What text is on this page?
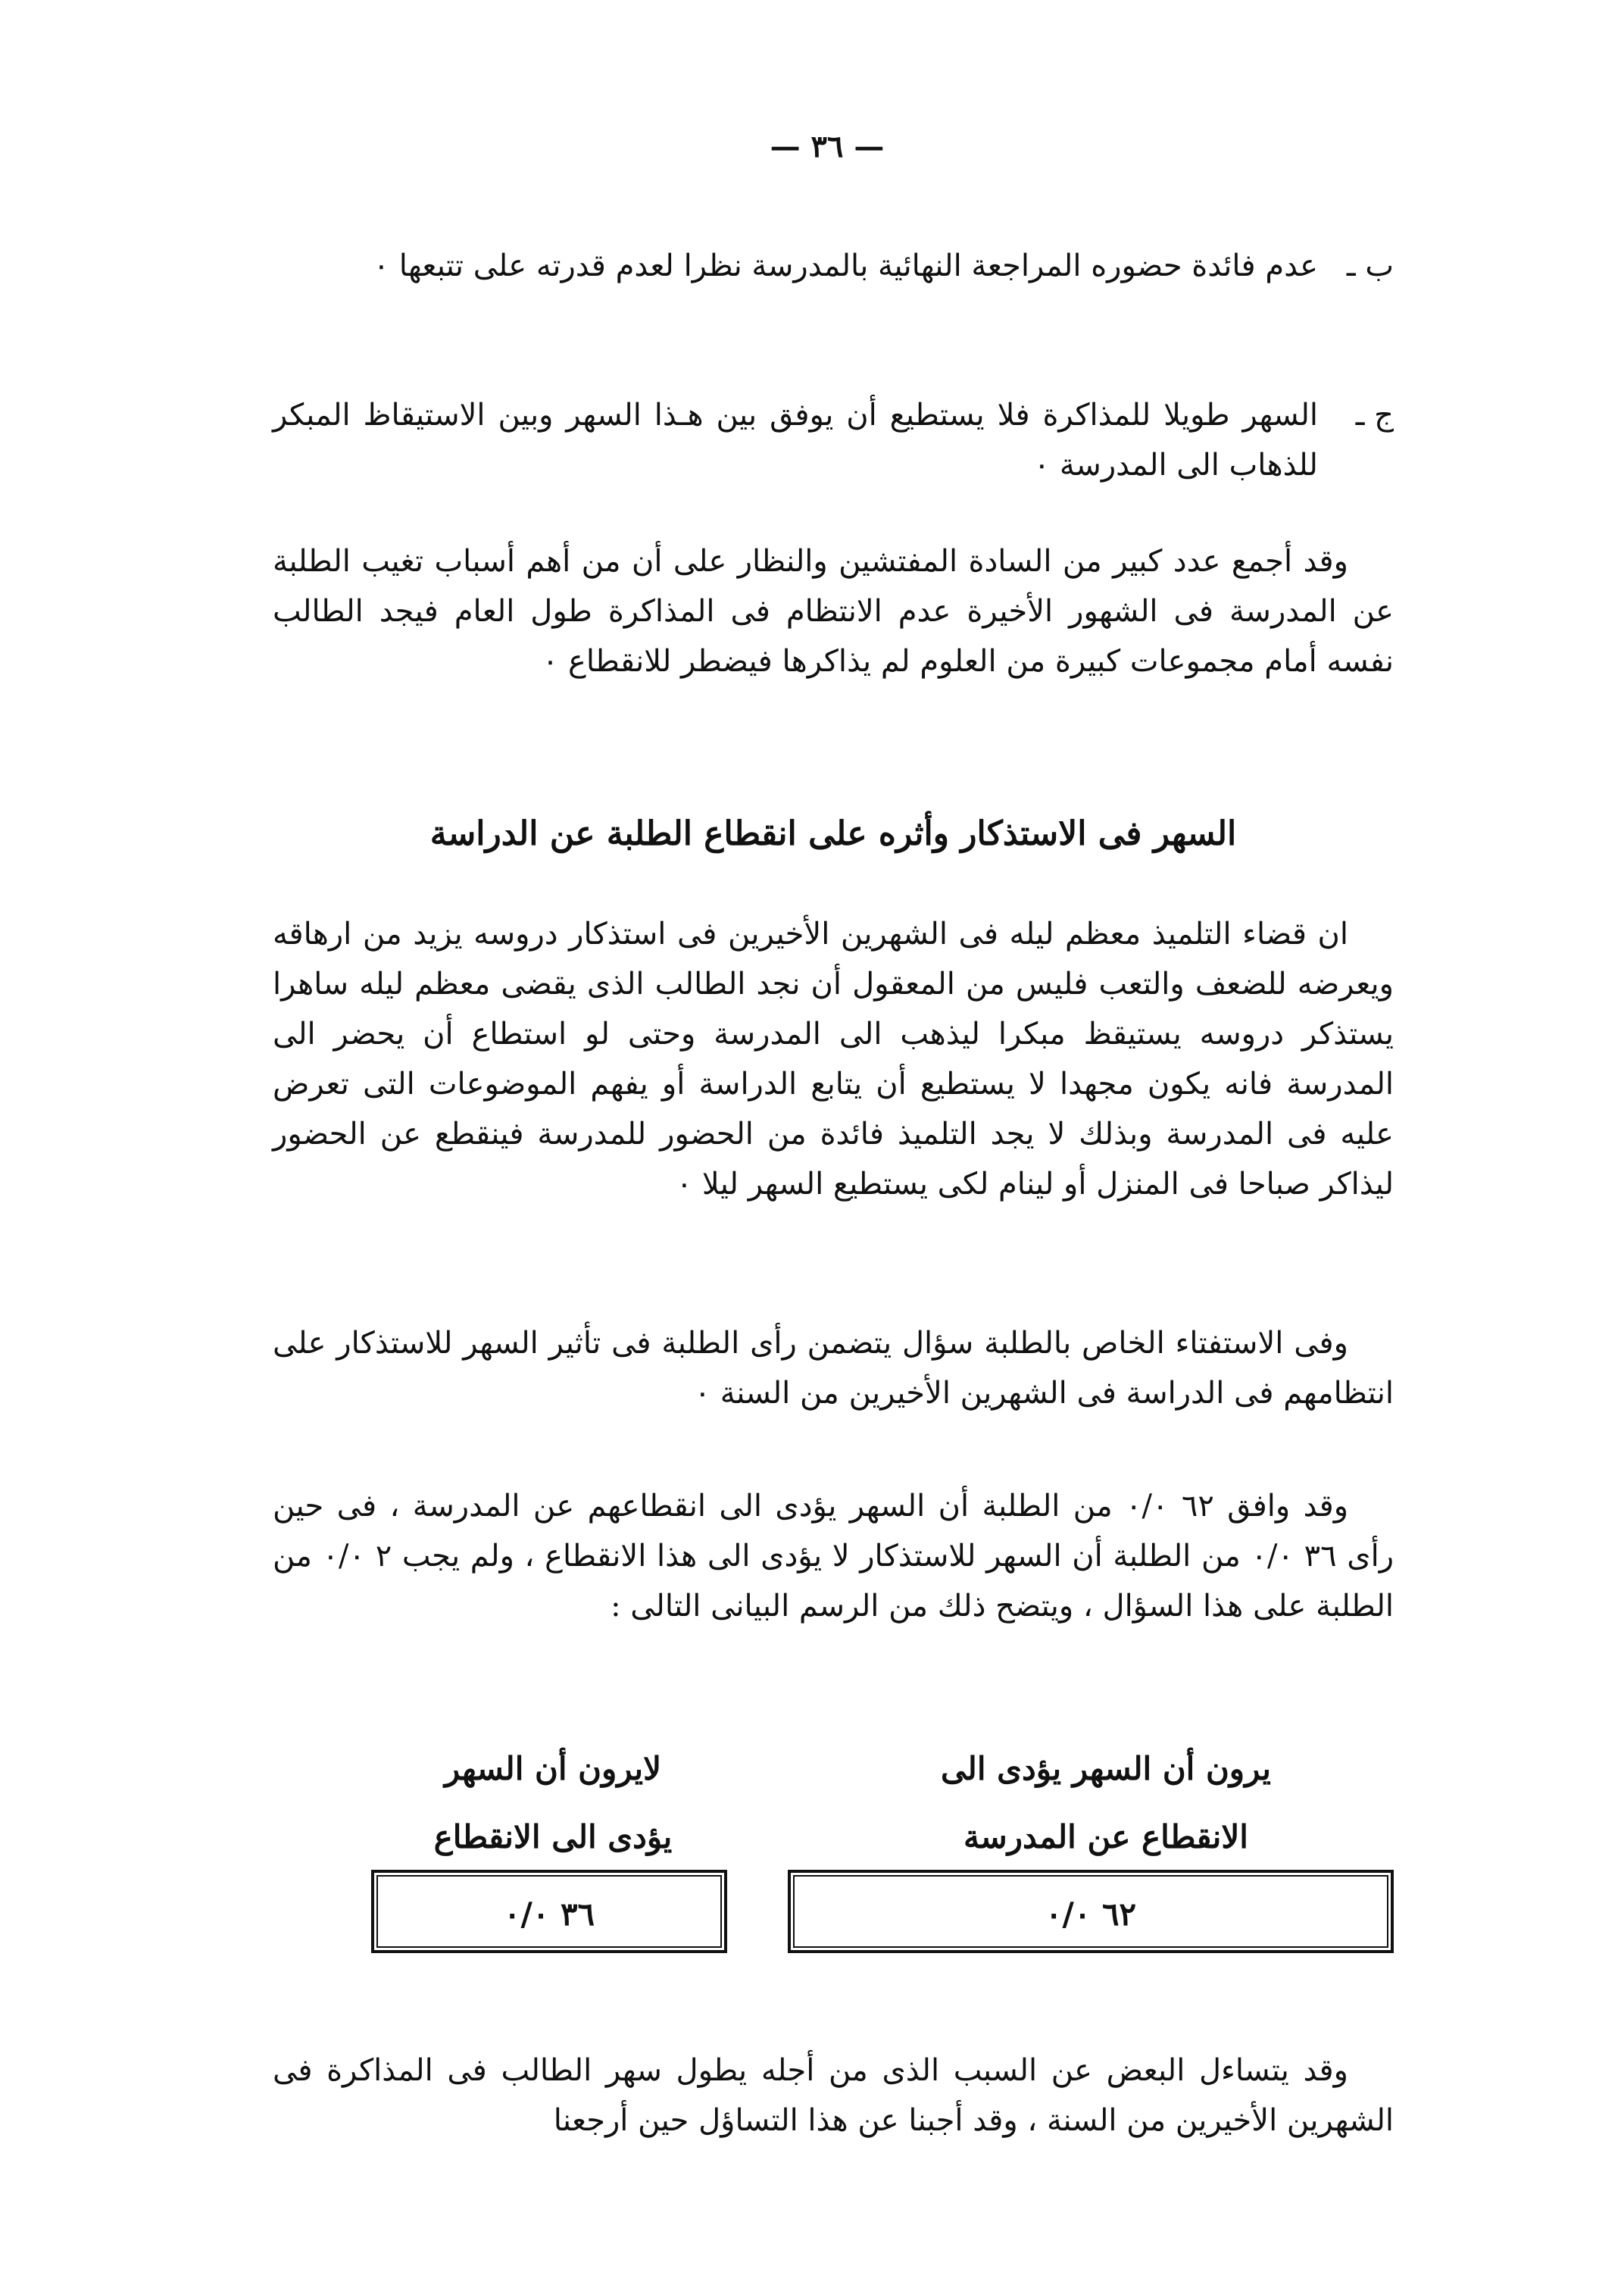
— ٣٦ —
ب ـ
عدم فائدة حضوره المراجعة النهائية بالمدرسة نظرا لعدم قدرته على تتبعها ٠
ج ـ
السهر طويلا للمذاكرة فلا يستطيع أن يوفق بين هـذا السهر وبين الاستيقاظ المبكر للذهاب الى المدرسة ٠

وقد أجمع عدد كبير من السادة المفتشين والنظار على أن من أهم أسباب تغيب الطلبة عن المدرسة فى الشهور الأخيرة عدم الانتظام فى المذاكرة طول العام فيجد الطالب نفسه أمام مجموعات كبيرة من العلوم لم يذاكرها فيضطر للانقطاع ٠

السهر فى الاستذكار وأثره على انقطاع الطلبة عن الدراسة

ان قضاء التلميذ معظم ليله فى الشهرين الأخيرين فى استذكار دروسه يزيد من ارهاقه ويعرضه للضعف والتعب فليس من المعقول أن نجد الطالب الذى يقضى معظم ليله ساهرا يستذكر دروسه يستيقظ مبكرا ليذهب الى المدرسة وحتى لو استطاع أن يحضر الى المدرسة فانه يكون مجهدا لا يستطيع أن يتابع الدراسة أو يفهم الموضوعات التى تعرض عليه فى المدرسة وبذلك لا يجد التلميذ فائدة من الحضور للمدرسة فينقطع عن الحضور ليذاكر صباحا فى المنزل أو لينام لكى يستطيع السهر ليلا ٠

وفى الاستفتاء الخاص بالطلبة سؤال يتضمن رأى الطلبة فى تأثير السهر للاستذكار على انتظامهم فى الدراسة فى الشهرين الأخيرين من السنة ٠

وقد وافق ٦٢ ٠/٠ من الطلبة أن السهر يؤدى الى انقطاعهم عن المدرسة ، فى حين رأى ٣٦ ٠/٠ من الطلبة أن السهر للاستذكار لا يؤدى الى هذا الانقطاع ، ولم يجب ٢ ٠/٠ من الطلبة على هذا السؤال ، ويتضح ذلك من الرسم البيانى التالى :

يرون أن السهر يؤدى الى
الانقطاع عن المدرسة
لايرون أن السهر
يؤدى الى الانقطاع
٦٢ ٠/٠
٣٦ ٠/٠

وقد يتساءل البعض عن السبب الذى من أجله يطول سهر الطالب فى المذاكرة فى الشهرين الأخيرين من السنة ، وقد أجبنا عن هذا التساؤل حين أرجعنا
